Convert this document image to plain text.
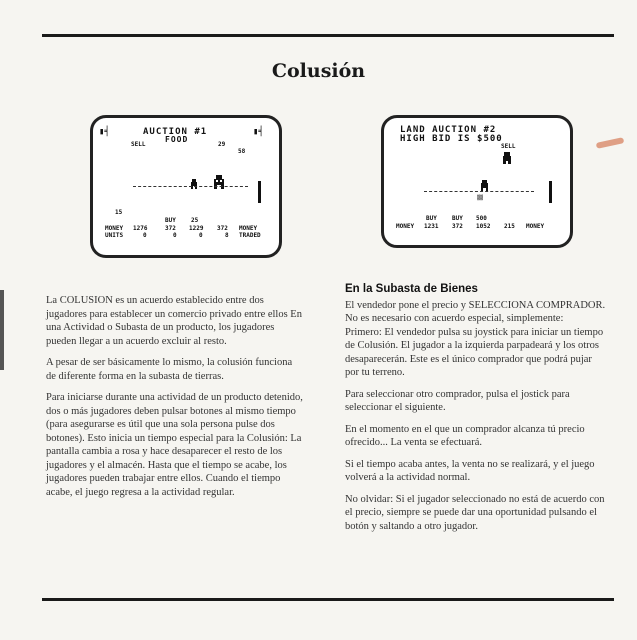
Colusión
AUCTION #1
FOOD
▮╡	▮╡
SELL	29
58
15
BUY	25
MONEY 1276	372 1229 372 MONEY
UNITS	0	0	0	8 TRADED
LAND AUCTION #2
HIGH BID IS $500
SELL
▓▓
BUY	BUY 500
MONEY 1231 372 1052 215 MONEY

La COLUSION es un acuerdo establecido entre dos jugadores para establecer un comercio privado entre ellos En una Actividad o Subasta de un producto, los jugadores pueden llegar a un acuerdo excluir al resto.

A pesar de ser básicamente lo mismo, la colusión funciona de diferente forma en la subasta de tierras.

Para iniciarse durante una actividad de un producto detenido, dos o más jugadores deben pulsar botones al mismo tiempo (para asegurarse es útil que una sola persona pulse dos botones). Esto inicia un tiempo especial para la Colusión: La pantalla cambia a rosa y hace desaparecer el resto de los jugadores y el almacén. Hasta que el tiempo se acabe, los jugadores pueden trabajar entre ellos. Cuando el tiempo acabe, el juego regresa a la actividad regular.

En la Subasta de Bienes

El vendedor pone el precio y SELECCIONA COMPRADOR. No es necesario con acuerdo especial, simplemente:

Primero: El vendedor pulsa su joystick para iniciar un tiempo de Colusión. El jugador a la izquierda parpadeará y los otros desaparecerán. Este es el único comprador que podrá pujar por tu terreno.

Para seleccionar otro comprador, pulsa el jostick para seleccionar el siguiente.

En el momento en el que un comprador alcanza tú precio ofrecido... La venta se efectuará.

Si el tiempo acaba antes, la venta no se realizará, y el juego volverá a la actividad normal.

No olvidar: Si el jugador seleccionado no está de acuerdo con el precio, siempre se puede dar una oportunidad pulsando el botón y saltando a otro jugador.
